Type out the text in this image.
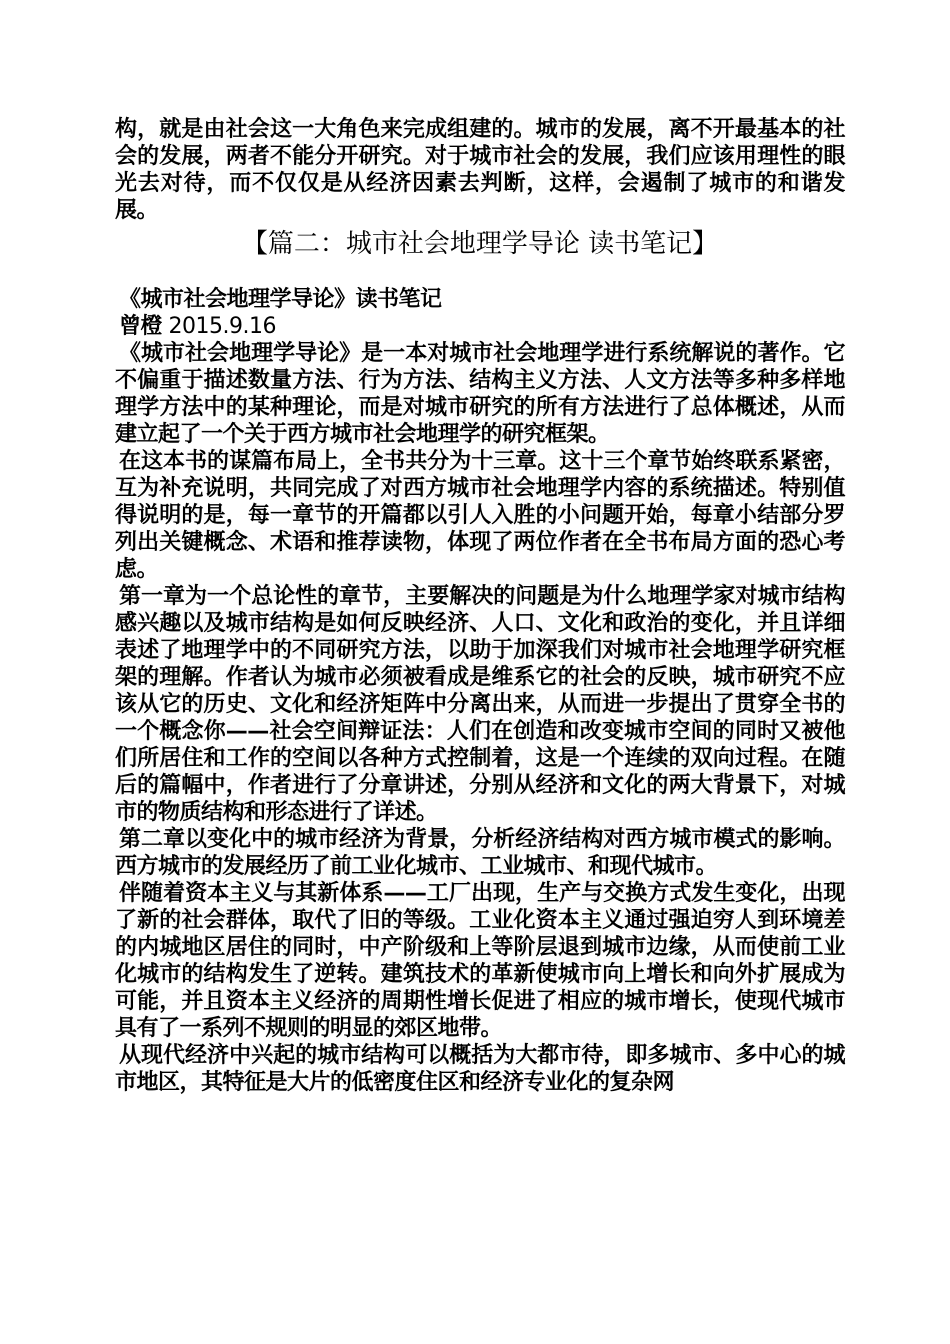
构，就是由社会这一大角色来完成组建的。城市的发展，离不开最基本的社会的发展，两者不能分开研究。对于城市社会的发展，我们应该用理性的眼光去对待，而不仅仅是从经济因素去判断，这样，会遏制了城市的和谐发展。

【篇二：城市社会地理学导论 读书笔记】

《城市社会地理学导论》读书笔记

曾橙 2015.9.16

《城市社会地理学导论》是一本对城市社会地理学进行系统解说的著作。它不偏重于描述数量方法、行为方法、结构主义方法、人文方法等多种多样地理学方法中的某种理论，而是对城市研究的所有方法进行了总体概述，从而建立起了一个关于西方城市社会地理学的研究框架。

在这本书的谋篇布局上，全书共分为十三章。这十三个章节始终联系紧密，互为补充说明，共同完成了对西方城市社会地理学内容的系统描述。特别值得说明的是，每一章节的开篇都以引人入胜的小问题开始，每章小结部分罗列出关键概念、术语和推荐读物，体现了两位作者在全书布局方面的恐心考虑。

第一章为一个总论性的章节，主要解决的问题是为什么地理学家对城市结构感兴趣以及城市结构是如何反映经济、人口、文化和政治的变化，并且详细表述了地理学中的不同研究方法，以助于加深我们对城市社会地理学研究框架的理解。作者认为城市必须被看成是维系它的社会的反映，城市研究不应该从它的历史、文化和经济矩阵中分离出来，从而进一步提出了贯穿全书的一个概念你——社会空间辩证法：人们在创造和改变城市空间的同时又被他们所居住和工作的空间以各种方式控制着，这是一个连续的双向过程。在随后的篇幅中，作者进行了分章讲述，分别从经济和文化的两大背景下，对城市的物质结构和形态进行了详述。

第二章以变化中的城市经济为背景，分析经济结构对西方城市模式的影响。西方城市的发展经历了前工业化城市、工业城市、和现代城市。

伴随着资本主义与其新体系——工厂出现，生产与交换方式发生变化，出现了新的社会群体，取代了旧的等级。工业化资本主义通过强迫穷人到环境差的内城地区居住的同时，中产阶级和上等阶层退到城市边缘，从而使前工业化城市的结构发生了逆转。建筑技术的革新使城市向上增长和向外扩展成为可能，并且资本主义经济的周期性增长促进了相应的城市增长，使现代城市具有了一系列不规则的明显的郊区地带。

从现代经济中兴起的城市结构可以概括为大都市待，即多城市、多中心的城市地区，其特征是大片的低密度住区和经济专业化的复杂网
